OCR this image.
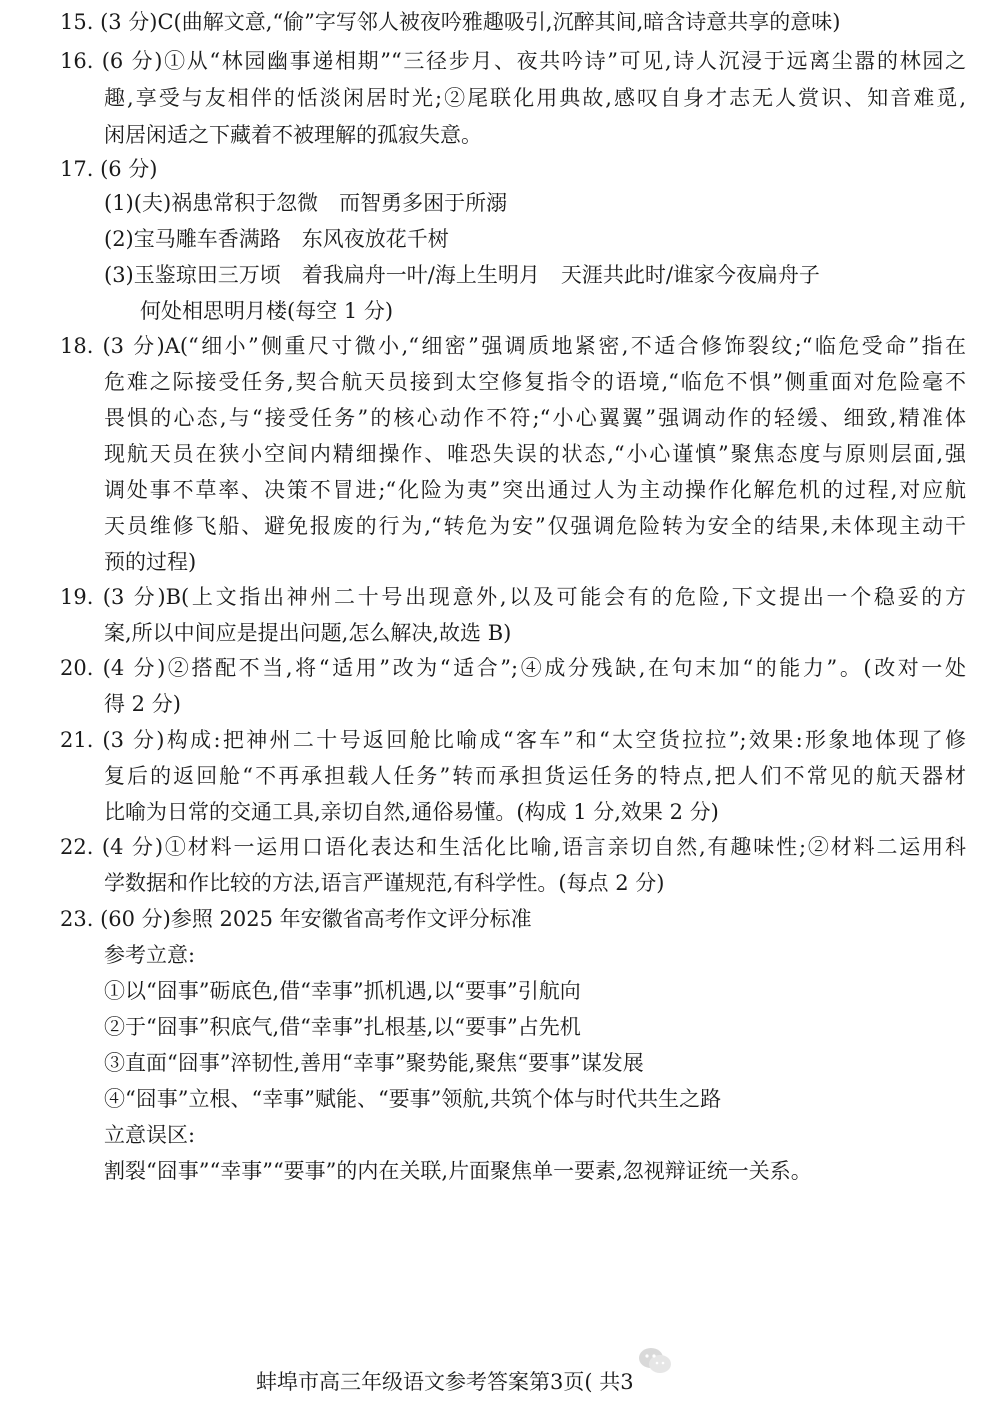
15. (3 分)C(曲解文意,“偷”字写邻人被夜吟雅趣吸引,沉醉其间,暗含诗意共享的意味)
16. (6 分)①从“林园幽事递相期”“三径步月、夜共吟诗”可见,诗人沉浸于远离尘嚣的林园之
趣,享受与友相伴的恬淡闲居时光;②尾联化用典故,感叹自身才志无人赏识、知音难觅,
闲居闲适之下藏着不被理解的孤寂失意。
17. (6 分)
(1)(夫)祸患常积于忽微　而智勇多困于所溺
(2)宝马雕车香满路　东风夜放花千树
(3)玉鉴琼田三万顷　着我扁舟一叶/海上生明月　天涯共此时/谁家今夜扁舟子
何处相思明月楼(每空 1 分)
18. (3 分)A(“细小”侧重尺寸微小,“细密”强调质地紧密,不适合修饰裂纹;“临危受命”指在
危难之际接受任务,契合航天员接到太空修复指令的语境,“临危不惧”侧重面对危险毫不
畏惧的心态,与“接受任务”的核心动作不符;“小心翼翼”强调动作的轻缓、细致,精准体
现航天员在狭小空间内精细操作、唯恐失误的状态,“小心谨慎”聚焦态度与原则层面,强
调处事不草率、决策不冒进;“化险为夷”突出通过人为主动操作化解危机的过程,对应航
天员维修飞船、避免报废的行为,“转危为安”仅强调危险转为安全的结果,未体现主动干
预的过程)
19. (3 分)B(上文指出神州二十号出现意外,以及可能会有的危险,下文提出一个稳妥的方
案,所以中间应是提出问题,怎么解决,故选 B)
20. (4 分)②搭配不当,将“适用”改为“适合”;④成分残缺,在句末加“的能力”。(改对一处
得 2 分)
21. (3 分)构成:把神州二十号返回舱比喻成“客车”和“太空货拉拉”;效果:形象地体现了修
复后的返回舱“不再承担载人任务”转而承担货运任务的特点,把人们不常见的航天器材
比喻为日常的交通工具,亲切自然,通俗易懂。(构成 1 分,效果 2 分)
22. (4 分)①材料一运用口语化表达和生活化比喻,语言亲切自然,有趣味性;②材料二运用科
学数据和作比较的方法,语言严谨规范,有科学性。(每点 2 分)
23. (60 分)参照 2025 年安徽省高考作文评分标准
参考立意:
①以“囧事”砺底色,借“幸事”抓机遇,以“要事”引航向
②于“囧事”积底气,借“幸事”扎根基,以“要事”占先机
③直面“囧事”淬韧性,善用“幸事”聚势能,聚焦“要事”谋发展
④“囧事”立根、“幸事”赋能、“要事”领航,共筑个体与时代共生之路
立意误区:
割裂“囧事”“幸事”“要事”的内在关联,片面聚焦单一要素,忽视辩证统一关系。
蚌埠市高三年级语文参考答案第3页( 共3
